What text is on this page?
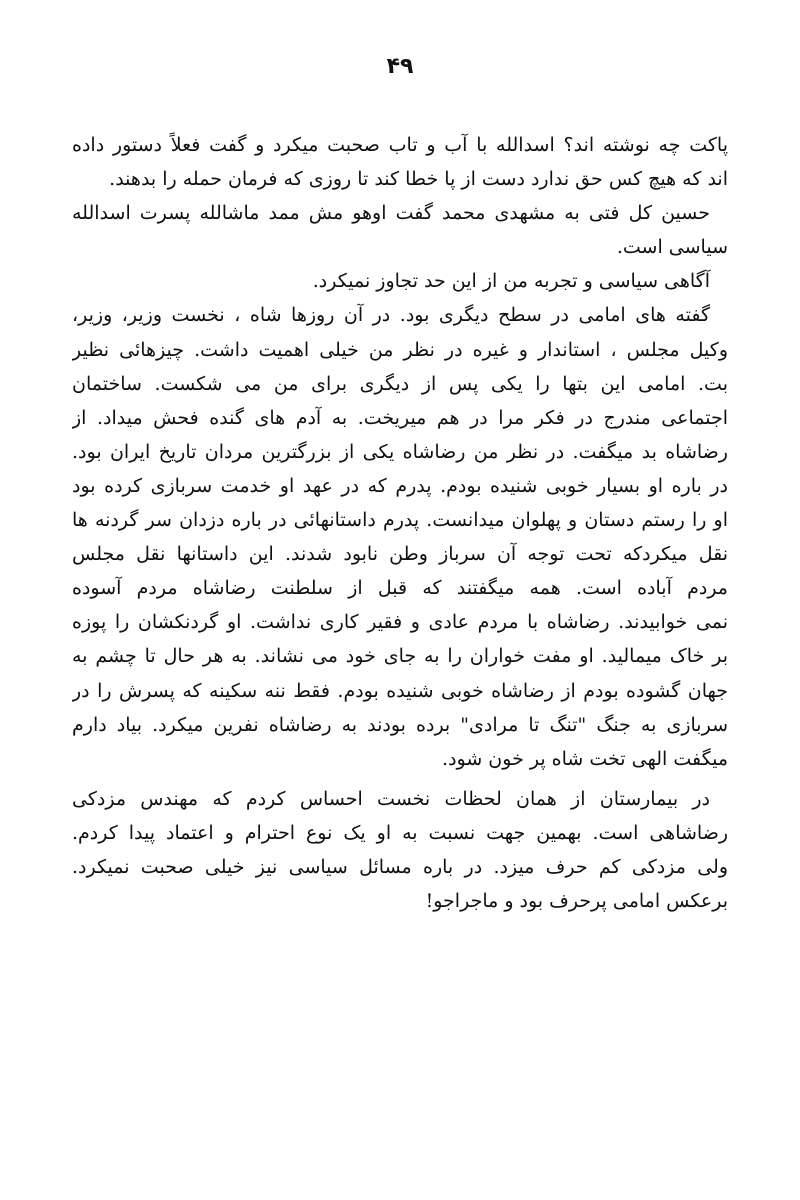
۴۹
پاکت چه نوشته اند؟ اسدالله با آب و تاب صحبت میکرد و گفت فعلاً دستور داده
اند که هیچ کس حق ندارد دست از پا خطا کند تا روزی که فرمان حمله را بدهند.
حسین کل فتی به مشهدی محمد گفت اوهو مش ممد ماشالله پسرت اسدالله
سیاسی است.
آگاهی سیاسی و تجربه من از این حد تجاوز نمیکرد.
گفته های امامی در سطح دیگری بود. در آن روزها شاه ، نخست وزیر، وزیر،
وکیل مجلس ، استاندار و غیره در نظر من خیلی اهمیت داشت. چیزهائی نظیر
بت. امامی این بتها را یکی پس از دیگری برای من می شکست. ساختمان
اجتماعی مندرج در فکر مرا در هم میریخت. به آدم های گنده فحش میداد. از
رضاشاه بد میگفت. در نظر من رضاشاه یکی از بزرگترین مردان تاریخ ایران بود.
در باره او بسیار خوبی شنیده بودم. پدرم که در عهد او خدمت سربازی کرده بود
او را رستم دستان و پهلوان میدانست. پدرم داستانهائی در باره دزدان سر گردنه ها
نقل میکردکه تحت توجه آن سرباز وطن نابود شدند. این داستانها نقل مجلس
مردم آباده است. همه میگفتند که قبل از سلطنت رضاشاه مردم آسوده
نمی خوابیدند. رضاشاه با مردم عادی و فقیر کاری نداشت. او گردنکشان را پوزه
بر خاک میمالید. او مفت خواران را به جای خود می نشاند. به هر حال تا چشم به
جهان گشوده بودم از رضاشاه خوبی شنیده بودم. فقط ننه سکینه که پسرش را در
سربازی به جنگ "تنگ تا مرادی" برده بودند به رضاشاه نفرین میکرد. بیاد دارم
میگفت الهی تخت شاه پر خون شود.
در بیمارستان از همان لحظات نخست احساس کردم که مهندس مزدکی
رضاشاهی است. بهمین جهت نسبت به او یک نوع احترام و اعتماد پیدا کردم.
ولی مزدکی کم حرف میزد. در باره مسائل سیاسی نیز خیلی صحبت نمیکرد.
برعکس امامی پرحرف بود و ماجراجو!
